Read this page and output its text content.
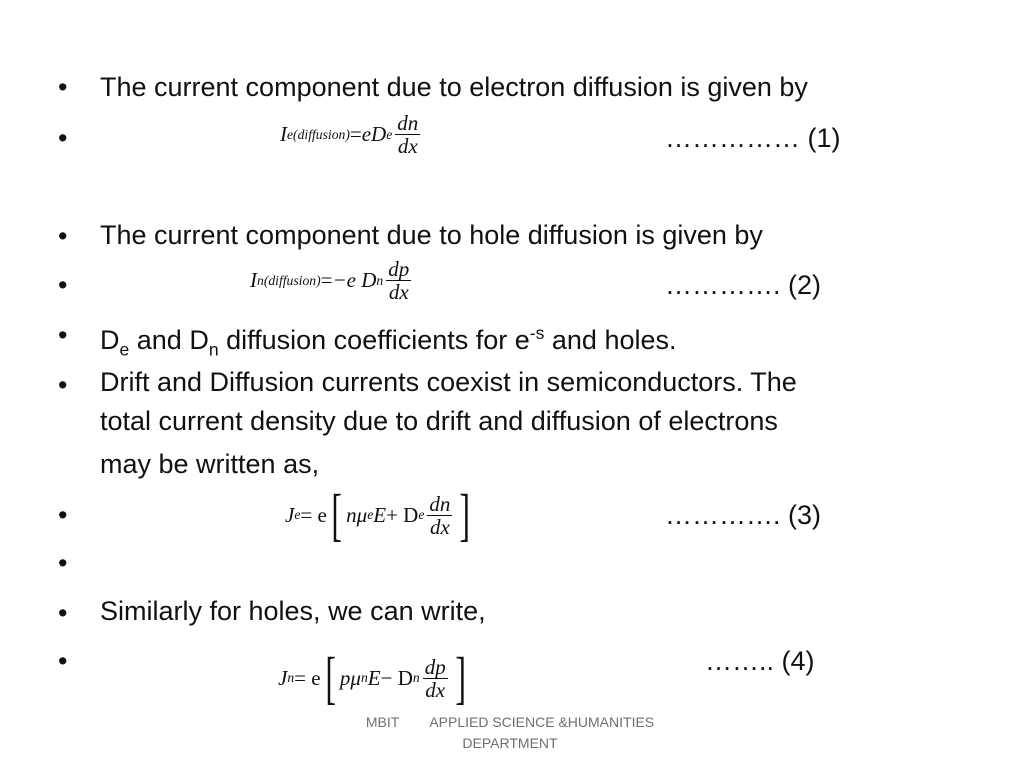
• The current component due to electron diffusion is given by
•	I e(diffusion) = eD e $\frac{dn}{dx}$	…………… (1)
• The current component due to hole diffusion is given by
•	I n(diffusion) = −e D n $\frac{dp}{dx}$	…………. (2)
• $D_e$ and $D_n$ diffusion coefficients for $e^{-s}$ and holes.
• Drift and Diffusion currents coexist in semiconductors. The
total current density due to drift and diffusion of electrons
may be written as,
•	J e = e [ nμ e E + D e $\frac{dn}{dx}$ ]	…………. (3)
•
• Similarly for holes, we can write,
•
J n = e [ pμ n E − D n $\frac{dp}{dx}$ ]	…….. (4)
MBIT APPLIED SCIENCE &HUMANITIES
DEPARTMENT
